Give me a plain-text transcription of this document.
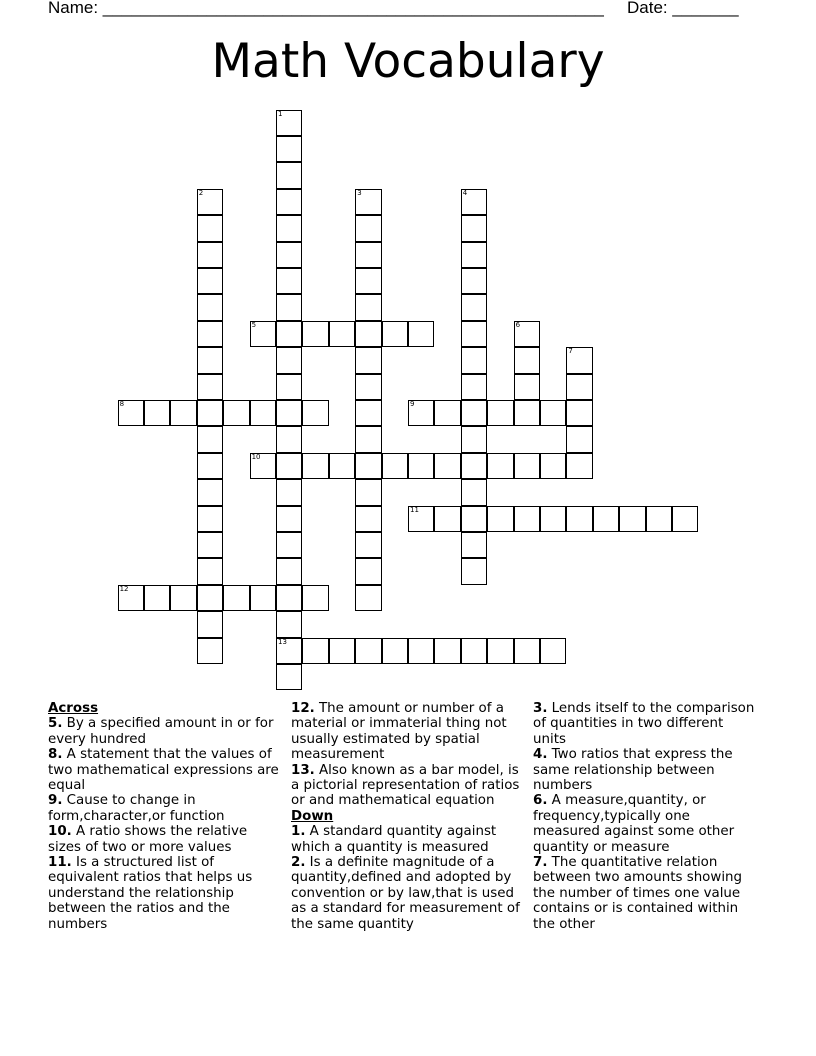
Name: _____________________________________________________ Date: _______
Math Vocabulary
1
13
2	3	4
5	6
7
8	9
10
11
12
Across
5. By a specified amount in or for every hundred
8. A statement that the values of two mathematical expressions are equal
9. Cause to change in form,character,or function
10. A ratio shows the relative sizes of two or more values
11. Is a structured list of equivalent ratios that helps us understand the relationship between the ratios and the numbers
12. The amount or number of a material or immaterial thing not usually estimated by spatial measurement
13. Also known as a bar model, is a pictorial representation of ratios or and mathematical equation
Down
1. A standard quantity against which a quantity is measured
2. Is a definite magnitude of a quantity,defined and adopted by convention or by law,that is used as a standard for measurement of the same quantity
3. Lends itself to the comparison of quantities in two different units
4. Two ratios that express the same relationship between numbers
6. A measure,quantity, or frequency,typically one measured against some other quantity or measure
7. The quantitative relation between two amounts showing the number of times one value contains or is contained within the other
